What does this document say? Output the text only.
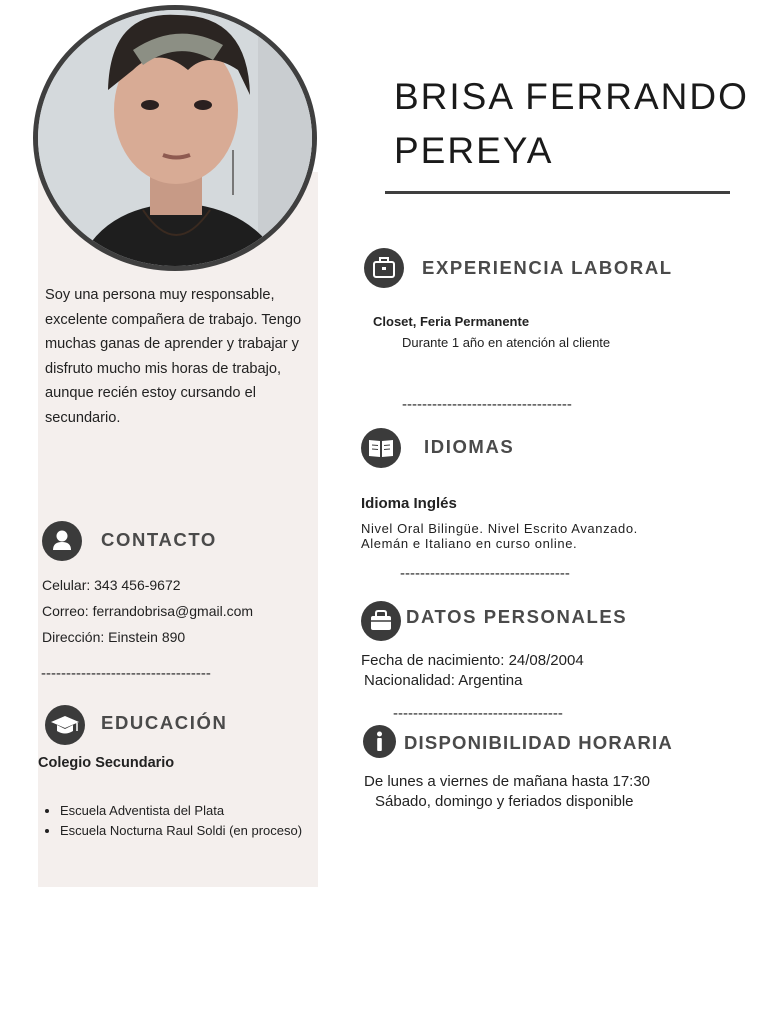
Soy una persona muy responsable, excelente compañera de trabajo. Tengo muchas ganas de aprender y trabajar y disfruto mucho mis horas de trabajo, aunque recién estoy cursando el secundario.

CONTACTO

Celular: 343 456-9672

Correo: ferrandobrisa@gmail.com

Dirección: Einstein 890

----------------------------------

EDUCACIÓN

Colegio Secundario

• Escuela Adventista del Plata
• Escuela Nocturna Raul Soldi (en proceso)
BRISA FERRANDO
PEREYA
EXPERIENCIA LABORAL

Closet, Feria Permanente

Durante 1 año en atención al cliente

----------------------------------

IDIOMAS

Idioma Inglés

Nivel Oral Bilingüe. Nivel Escrito Avanzado.

Alemán e Italiano en curso online.

----------------------------------

DATOS PERSONALES

Fecha de nacimiento: 24/08/2004

Nacionalidad: Argentina

----------------------------------

DISPONIBILIDAD HORARIA

De lunes a viernes de mañana hasta 17:30

Sábado, domingo y feriados disponible
